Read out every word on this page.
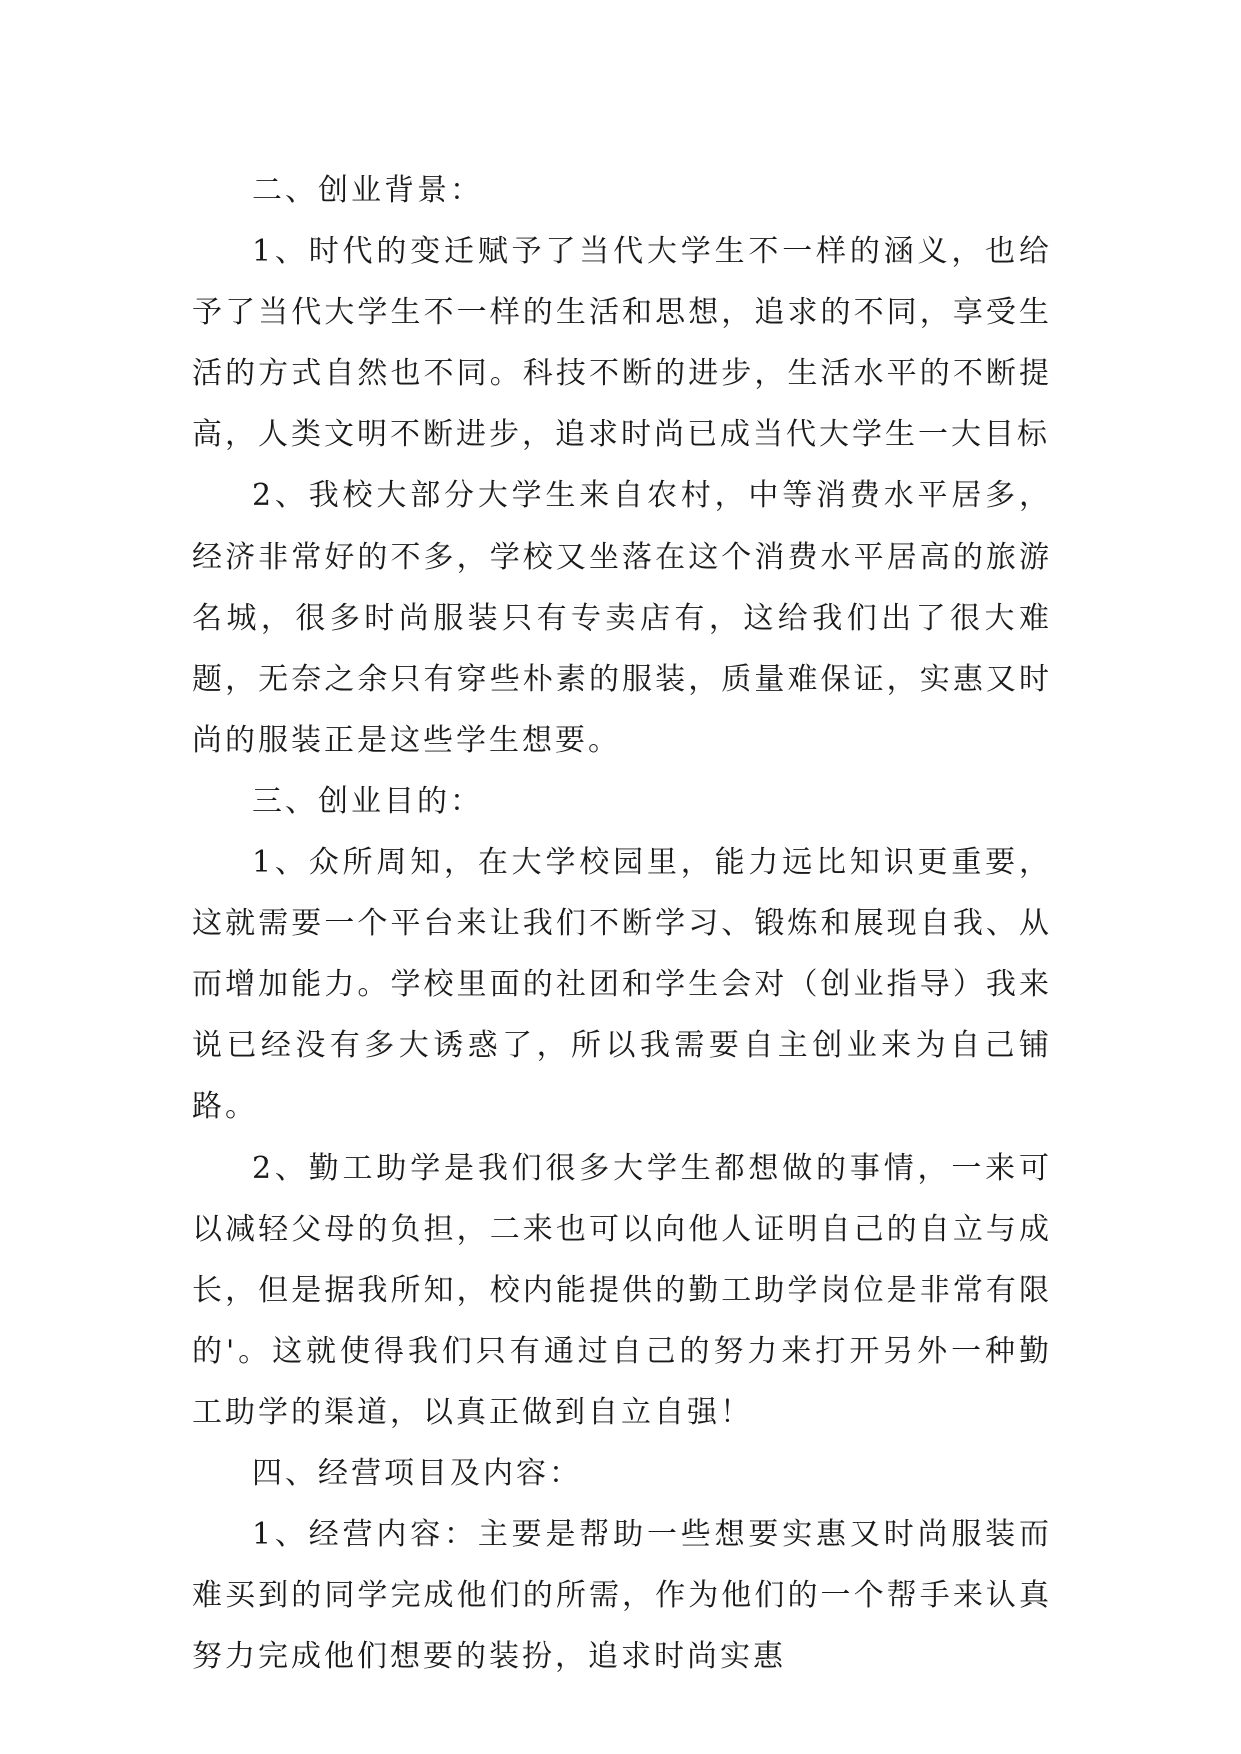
二、创业背景：

1、时代的变迁赋予了当代大学生不一样的涵义，也给予了当代大学生不一样的生活和思想，追求的不同，享受生活的方式自然也不同。科技不断的进步，生活水平的不断提高，人类文明不断进步，追求时尚已成当代大学生一大目标

2、我校大部分大学生来自农村，中等消费水平居多，经济非常好的不多，学校又坐落在这个消费水平居高的旅游名城，很多时尚服装只有专卖店有，这给我们出了很大难题，无奈之余只有穿些朴素的服装，质量难保证，实惠又时尚的服装正是这些学生想要。

三、创业目的：

1、众所周知，在大学校园里，能力远比知识更重要，这就需要一个平台来让我们不断学习、锻炼和展现自我、从而增加能力。学校里面的社团和学生会对（创业指导）我来说已经没有多大诱惑了，所以我需要自主创业来为自己铺路。

2、勤工助学是我们很多大学生都想做的事情，一来可以减轻父母的负担，二来也可以向他人证明自己的自立与成长，但是据我所知，校内能提供的勤工助学岗位是非常有限的'。这就使得我们只有通过自己的努力来打开另外一种勤工助学的渠道，以真正做到自立自强！

四、经营项目及内容：

1、经营内容：主要是帮助一些想要实惠又时尚服装而难买到的同学完成他们的所需，作为他们的一个帮手来认真努力完成他们想要的装扮，追求时尚实惠
